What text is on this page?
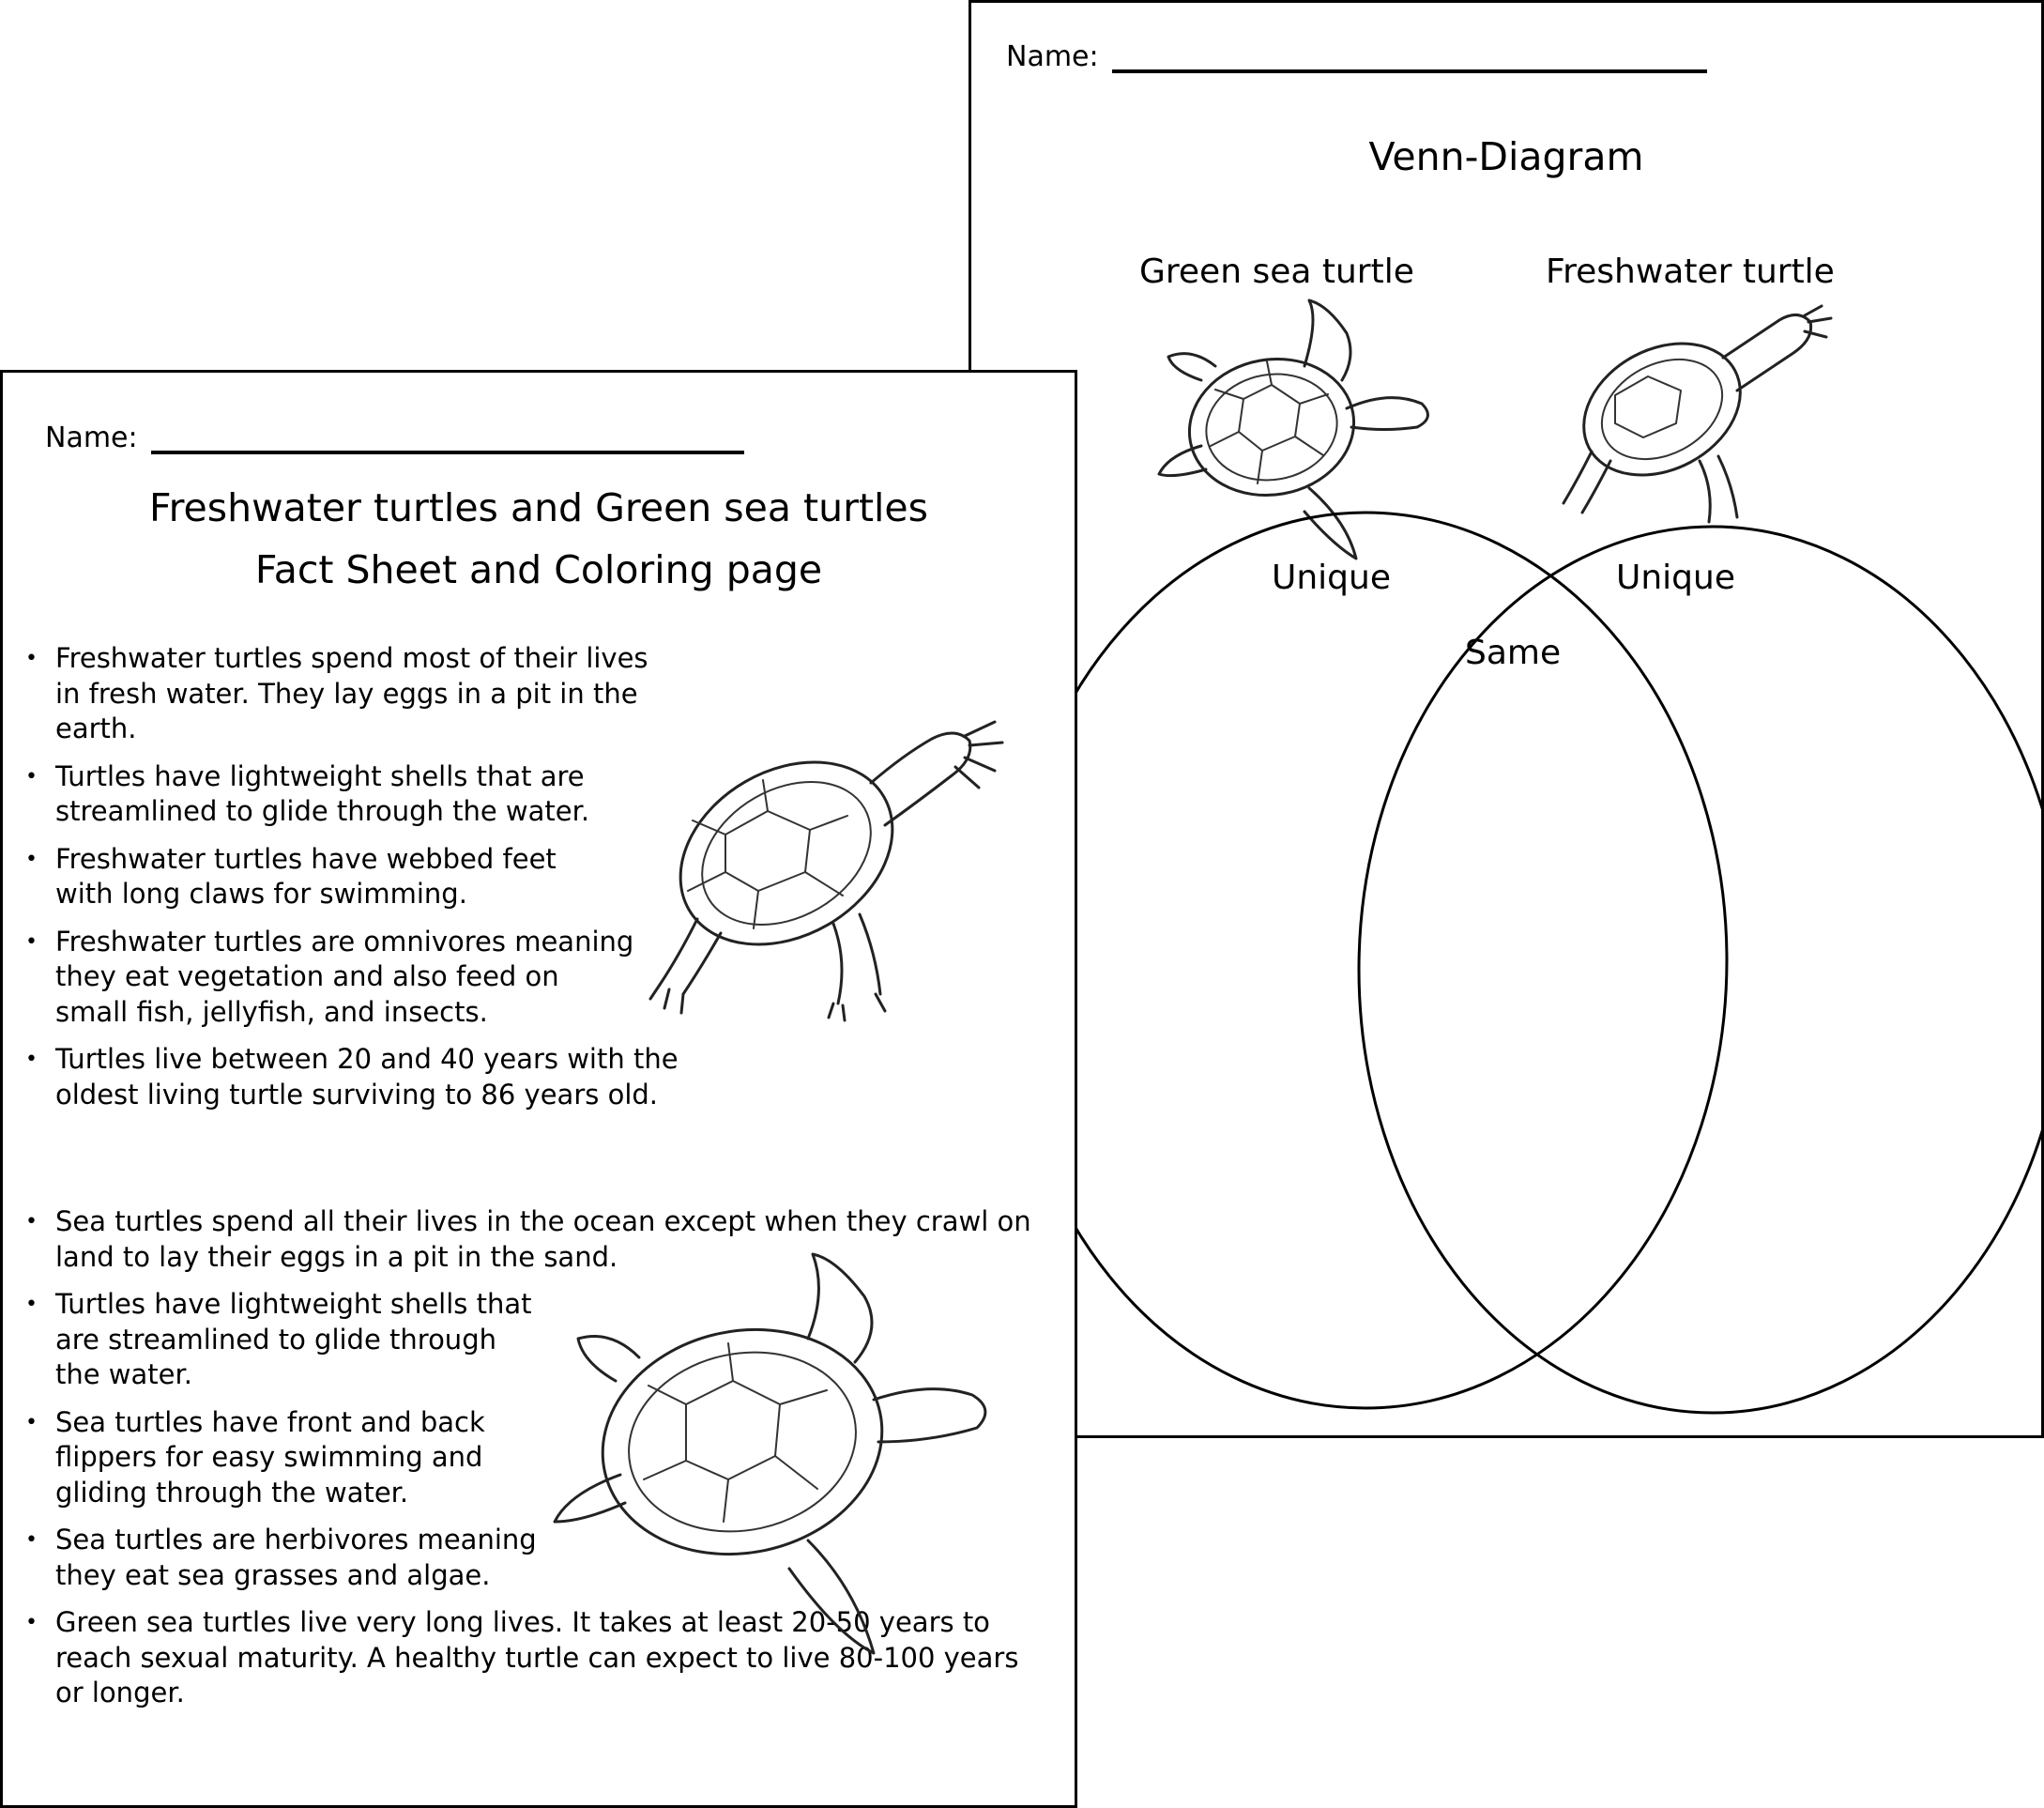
Name:
Venn-Diagram
Green sea turtle	Freshwater turtle
Unique	Unique
Same
Name:
Freshwater turtles and Green sea turtles
Fact Sheet and Coloring page
• Freshwater turtles spend most of their lives in fresh water. They lay eggs in a pit in the earth.
• Turtles have lightweight shells that are streamlined to glide through the water.
• Freshwater turtles have webbed feet with long claws for swimming.
• Freshwater turtles are omnivores meaning they eat vegetation and also feed on small fish, jellyfish, and insects.
• Turtles live between 20 and 40 years with the oldest living turtle surviving to 86 years old.
• Sea turtles spend all their lives in the ocean except when they crawl on land to lay their eggs in a pit in the sand.
• Turtles have lightweight shells that are streamlined to glide through the water.
• Sea turtles have front and back flippers for easy swimming and gliding through the water.
• Sea turtles are herbivores meaning they eat sea grasses and algae.
• Green sea turtles live very long lives. It takes at least 20-50 years to reach sexual maturity. A healthy turtle can expect to live 80-100 years or longer.
